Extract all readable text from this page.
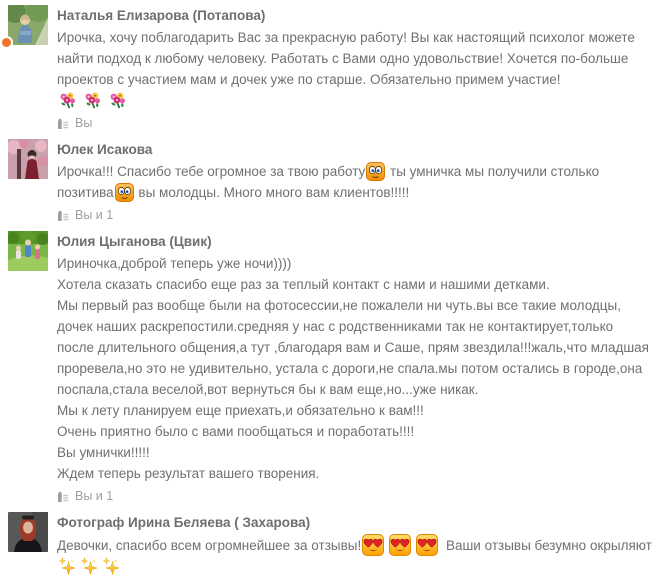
Наталья Елизарова (Потапова)
Ирочка, хочу поблагодарить Вас за прекрасную работу! Вы как настоящий психолог можете найти подход к любому человеку. Работать с Вами одно удовольствие! Хочется по-больше проектов с участием мам и дочек уже по старше. Обязательно примем участие!
Вы
Юлек Исакова
Ирочка!!! Спасибо тебе огромное за твою работу ты умничка мы получили столько позитива вы молодцы. Много много вам клиентов!!!!!
Вы и 1
Юлия Цыганова (Цвик)
Ириночка,доброй теперь уже ночи))))
Хотела сказать спасибо еще раз за теплый контакт с нами и нашими детками.
Мы первый раз вообще были на фотосессии,не пожалели ни чуть.вы все такие молодцы, дочек наших раскрепостили.средняя у нас с родственниками так не контактирует,только после длительного общения,а тут ,благодаря вам и Саше, прям звездила!!!жаль,что младшая проревела,но это не удивительно, устала с дороги,не спала.мы потом остались в городе,она поспала,стала веселой,вот вернуться бы к вам еще,но...уже никак.
Мы к лету планируем еще приехать,и обязательно к вам!!!
Очень приятно было с вами пообщаться и поработать!!!!
Вы умнички!!!!!
Ждем теперь результат вашего творения.
Вы и 1
Фотограф Ирина Беляева ( Захарова)
Девочки, спасибо всем огромнейшее за отзывы!	Ваши отзывы безумно окрыляют
